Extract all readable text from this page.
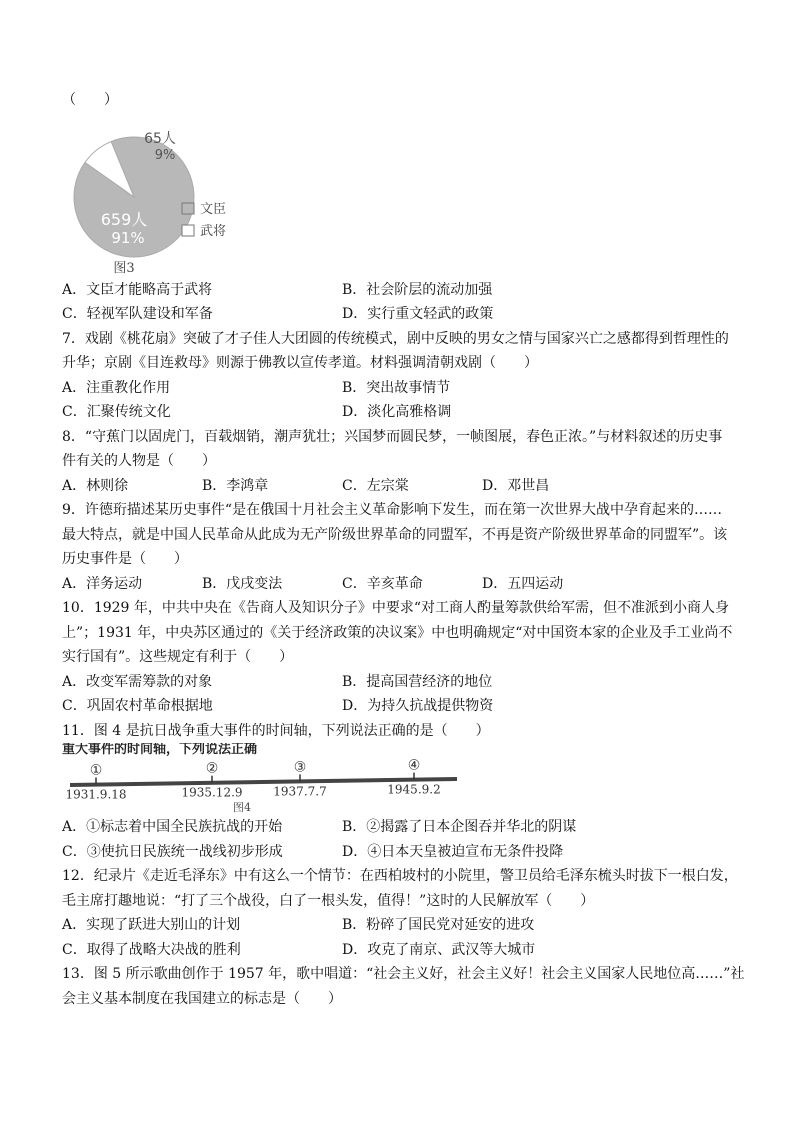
（　　）
65人
9%
659人
91%
文臣
武将
图3
A．文臣才能略高于武将	B．社会阶层的流动加强
C．轻视军队建设和军备	D．实行重文轻武的政策
7．戏剧《桃花扇》突破了才子佳人大团圆的传统模式，剧中反映的男女之情与国家兴亡之感都得到哲理性的
升华；京剧《目连救母》则源于佛教以宣传孝道。材料强调清朝戏剧（　　）
A．注重教化作用	B．突出故事情节
C．汇聚传统文化	D．淡化高雅格调
8．“守蕉门以固虎门，百载烟销，潮声犹壮；兴国梦而圆民梦，一帧图展，春色正浓。”与材料叙述的历史事
件有关的人物是（　　）
A．林则徐	B．李鸿章	C．左宗棠	D．邓世昌
9．许德珩描述某历史事件“是在俄国十月社会主义革命影响下发生，而在第一次世界大战中孕育起来的……
最大特点，就是中国人民革命从此成为无产阶级世界革命的同盟军，不再是资产阶级世界革命的同盟军”。该
历史事件是（　　）
A．洋务运动	B．戊戌变法	C．辛亥革命	D．五四运动
10．1929 年，中共中央在《告商人及知识分子》中要求“对工商人酌量筹款供给军需，但不准派到小商人身
上”；1931 年，中央苏区通过的《关于经济政策的决议案》中也明确规定“对中国资本家的企业及手工业尚不
实行国有”。这些规定有利于（　　）
A．改变军需筹款的对象	B．提高国营经济的地位
C．巩固农村革命根据地	D．为持久抗战提供物资
11．图 4 是抗日战争重大事件的时间轴，下列说法正确的是（　　）
重大事件的时间轴，下列说法正确
①
1931.9.18
②
1935.12.9
③
1937.7.7
④
1945.9.2
图4
A．①标志着中国全民族抗战的开始	B．②揭露了日本企图吞并华北的阴谋
C．③使抗日民族统一战线初步形成	D．④日本天皇被迫宣布无条件投降
12．纪录片《走近毛泽东》中有这么一个情节：在西柏坡村的小院里，警卫员给毛泽东梳头时拔下一根白发，
毛主席打趣地说：“打了三个战役，白了一根头发，值得！”这时的人民解放军（　　）
A．实现了跃进大别山的计划	B．粉碎了国民党对延安的进攻
C．取得了战略大决战的胜利	D．攻克了南京、武汉等大城市
13．图 5 所示歌曲创作于 1957 年，歌中唱道：“社会主义好，社会主义好！社会主义国家人民地位高……”社
会主义基本制度在我国建立的标志是（　　）
